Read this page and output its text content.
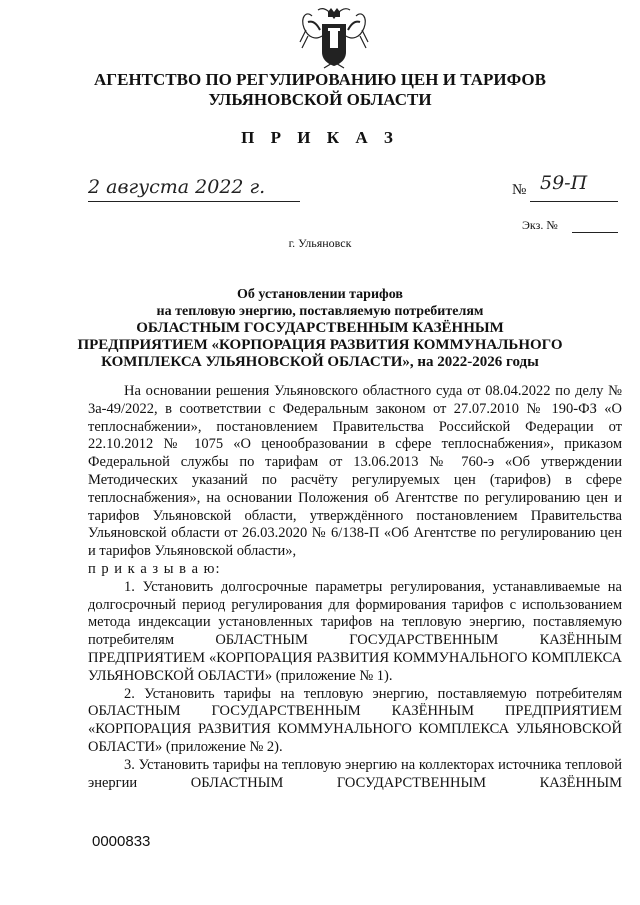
АГЕНТСТВО ПО РЕГУЛИРОВАНИЮ ЦЕН И ТАРИФОВ
УЛЬЯНОВСКОЙ ОБЛАСТИ
П Р И К А З
2 августа 2022 г.	№ 59-П
Экз. №
г. Ульяновск
Об установлении тарифов
на тепловую энергию, поставляемую потребителям
ОБЛАСТНЫМ ГОСУДАРСТВЕННЫМ КАЗЁННЫМ
ПРЕДПРИЯТИЕМ «КОРПОРАЦИЯ РАЗВИТИЯ КОММУНАЛЬНОГО
КОМПЛЕКСА УЛЬЯНОВСКОЙ ОБЛАСТИ», на 2022-2026 годы

На основании решения Ульяновского областного суда от 08.04.2022 по делу № 3а-49/2022, в соответствии с Федеральным законом от 27.07.2010 № 190-ФЗ «О теплоснабжении», постановлением Правительства Российской Федерации от 22.10.2012 № 1075 «О ценообразовании в сфере теплоснабжения», приказом Федеральной службы по тарифам от 13.06.2013 № 760-э «Об утверждении Методических указаний по расчёту регулируемых цен (тарифов) в сфере теплоснабжения», на основании Положения об Агентстве по регулированию цен и тарифов Ульяновской области, утверждённого постановлением Правительства Ульяновской области от 26.03.2020 № 6/138-П «Об Агентстве по регулированию цен и тарифов Ульяновской области»,

п р и к а з ы в а ю:

1. Установить долгосрочные параметры регулирования, устанавливаемые на долгосрочный период регулирования для формирования тарифов с использованием метода индексации установленных тарифов на тепловую энергию, поставляемую потребителям ОБЛАСТНЫМ ГОСУДАРСТВЕННЫМ КАЗЁННЫМ ПРЕДПРИЯТИЕМ «КОРПОРАЦИЯ РАЗВИТИЯ КОММУНАЛЬНОГО КОМПЛЕКСА УЛЬЯНОВСКОЙ ОБЛАСТИ» (приложение № 1).

2. Установить тарифы на тепловую энергию, поставляемую потребителям ОБЛАСТНЫМ ГОСУДАРСТВЕННЫМ КАЗЁННЫМ ПРЕДПРИЯТИЕМ «КОРПОРАЦИЯ РАЗВИТИЯ КОММУНАЛЬНОГО КОМПЛЕКСА УЛЬЯНОВСКОЙ ОБЛАСТИ» (приложение № 2).

3. Установить тарифы на тепловую энергию на коллекторах источника тепловой энергии ОБЛАСТНЫМ ГОСУДАРСТВЕННЫМ КАЗЁННЫМ

0000833
